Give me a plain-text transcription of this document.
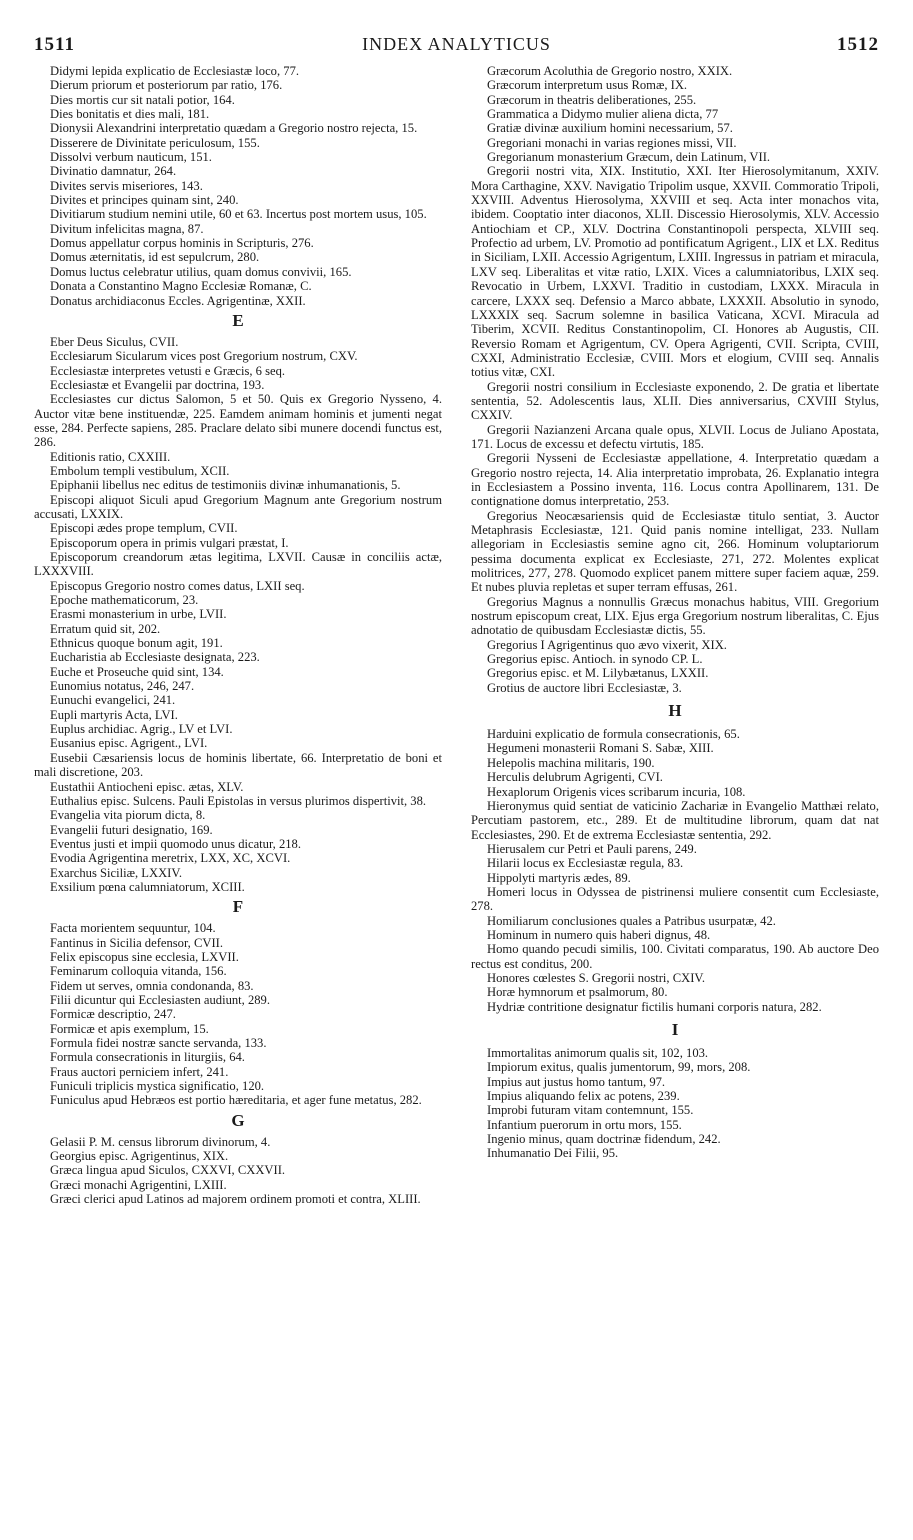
1511	INDEX ANALYTICUS	1512

Didymi lepida explicatio de Ecclesiastæ loco, 77.

Dierum priorum et posteriorum par ratio, 176.

Dies mortis cur sit natali potior, 164.

Dies bonitatis et dies mali, 181.

Dionysii Alexandrini interpretatio quædam a Gregorio nostro rejecta, 15.

Disserere de Divinitate periculosum, 155.

Dissolvi verbum nauticum, 151.

Divinatio damnatur, 264.

Divites servis miseriores, 143.

Divites et principes quinam sint, 240.

Divitiarum studium nemini utile, 60 et 63. Incertus post mortem usus, 105.

Divitum infelicitas magna, 87.

Domus appellatur corpus hominis in Scripturis, 276.

Domus æternitatis, id est sepulcrum, 280.

Domus luctus celebratur utilius, quam domus convivii, 165.

Donata a Constantino Magno Ecclesiæ Romanæ, C.

Donatus archidiaconus Eccles. Agrigentinæ, XXII.

E

Eber Deus Siculus, CVII.

Ecclesiarum Sicularum vices post Gregorium nostrum, CXV.

Ecclesiastæ interpretes vetusti e Græcis, 6 seq.

Ecclesiastæ et Evangelii par doctrina, 193.

Ecclesiastes cur dictus Salomon, 5 et 50. Quis ex Gregorio Nysseno, 4. Auctor vitæ bene instituendæ, 225. Eamdem animam hominis et jumenti negat esse, 284. Perfecte sapiens, 285. Praclare delato sibi munere docendi functus est, 286.

Editionis ratio, CXXIII.

Embolum templi vestibulum, XCII.

Epiphanii libellus nec editus de testimoniis divinæ inhumanationis, 5.

Episcopi aliquot Siculi apud Gregorium Magnum ante Gregorium nostrum accusati, LXXIX.

Episcopi ædes prope templum, CVII.

Episcoporum opera in primis vulgari præstat, I.

Episcoporum creandorum ætas legitima, LXVII. Causæ in conciliis actæ, LXXXVIII.

Episcopus Gregorio nostro comes datus, LXII seq.

Epoche mathematicorum, 23.

Erasmi monasterium in urbe, LVII.

Erratum quid sit, 202.

Ethnicus quoque bonum agit, 191.

Eucharistia ab Ecclesiaste designata, 223.

Euche et Proseuche quid sint, 134.

Eunomius notatus, 246, 247.

Eunuchi evangelici, 241.

Eupli martyris Acta, LVI.

Euplus archidiac. Agrig., LV et LVI.

Eusanius episc. Agrigent., LVI.

Eusebii Cæsariensis locus de hominis libertate, 66. Interpretatio de boni et mali discretione, 203.

Eustathii Antiocheni episc. ætas, XLV.

Euthalius episc. Sulcens. Pauli Epistolas in versus plurimos dispertivit, 38.

Evangelia vita piorum dicta, 8.

Evangelii futuri designatio, 169.

Eventus justi et impii quomodo unus dicatur, 218.

Evodia Agrigentina meretrix, LXX, XC, XCVI.

Exarchus Siciliæ, LXXIV.

Exsilium pœna calumniatorum, XCIII.

F

Facta morientem sequuntur, 104.

Fantinus in Sicilia defensor, CVII.

Felix episcopus sine ecclesia, LXVII.

Feminarum colloquia vitanda, 156.

Fidem ut serves, omnia condonanda, 83.

Filii dicuntur qui Ecclesiasten audiunt, 289.

Formicæ descriptio, 247.

Formicæ et apis exemplum, 15.

Formula fidei nostræ sancte servanda, 133.

Formula consecrationis in liturgiis, 64.

Fraus auctori perniciem infert, 241.

Funiculi triplicis mystica significatio, 120.

Funiculus apud Hebræos est portio hæreditaria, et ager fune metatus, 282.

G

Gelasii P. M. census librorum divinorum, 4.

Georgius episc. Agrigentinus, XIX.

Græca lingua apud Siculos, CXXVI, CXXVII.

Græci monachi Agrigentini, LXIII.

Græci clerici apud Latinos ad majorem ordinem promoti et contra, XLIII.

Græcorum Acoluthia de Gregorio nostro, XXIX.

Græcorum interpretum usus Romæ, IX.

Græcorum in theatris deliberationes, 255.

Grammatica a Didymo mulier aliena dicta, 77

Gratiæ divinæ auxilium homini necessarium, 57.

Gregoriani monachi in varias regiones missi, VII.

Gregorianum monasterium Græcum, dein Latinum, VII.

Gregorii nostri vita, XIX. Institutio, XXI. Iter Hierosolymitanum, XXIV. Mora Carthagine, XXV. Navigatio Tripolim usque, XXVII. Commoratio Tripoli, XXVIII. Adventus Hierosolyma, XXVIII et seq. Acta inter monachos vita, ibidem. Cooptatio inter diaconos, XLII. Discessio Hierosolymis, XLV. Accessio Antiochiam et CP., XLV. Doctrina Constantinopoli perspecta, XLVIII seq. Profectio ad urbem, LV. Promotio ad pontificatum Agrigent., LIX et LX. Reditus in Siciliam, LXII. Accessio Agrigentum, LXIII. Ingressus in patriam et miracula, LXV seq. Liberalitas et vitæ ratio, LXIX. Vices a calumniatoribus, LXIX seq. Revocatio in Urbem, LXXVI. Traditio in custodiam, LXXX. Miracula in carcere, LXXX seq. Defensio a Marco abbate, LXXXII. Absolutio in synodo, LXXXIX seq. Sacrum solemne in basilica Vaticana, XCVI. Miracula ad Tiberim, XCVII. Reditus Constantinopolim, CI. Honores ab Augustis, CII. Reversio Romam et Agrigentum, CV. Opera Agrigenti, CVII. Scripta, CVIII, CXXI, Administratio Ecclesiæ, CVIII. Mors et elogium, CVIII seq. Annalis totius vitæ, CXI.

Gregorii nostri consilium in Ecclesiaste exponendo, 2. De gratia et libertate sententia, 52. Adolescentis laus, XLII. Dies anniversarius, CXVIII Stylus, CXXIV.

Gregorii Nazianzeni Arcana quale opus, XLVII. Locus de Juliano Apostata, 171. Locus de excessu et defectu virtutis, 185.

Gregorii Nysseni de Ecclesiastæ appellatione, 4. Interpretatio quædam a Gregorio nostro rejecta, 14. Alia interpretatio improbata, 26. Explanatio integra in Ecclesiastem a Possino inventa, 116. Locus contra Apollinarem, 131. De contignatione domus interpretatio, 253.

Gregorius Neocæsariensis quid de Ecclesiastæ titulo sentiat, 3. Auctor Metaphrasis Ecclesiastæ, 121. Quid panis nomine intelligat, 233. Nullam allegoriam in Ecclesiastis semine agno cit, 266. Hominum voluptariorum pessima documenta explicat ex Ecclesiaste, 271, 272. Molentes explicat molitrices, 277, 278. Quomodo explicet panem mittere super faciem aquæ, 259. Et nubes pluvia repletas et super terram effusas, 261.

Gregorius Magnus a nonnullis Græcus monachus habitus, VIII. Gregorium nostrum episcopum creat, LIX. Ejus erga Gregorium nostrum liberalitas, C. Ejus adnotatio de quibusdam Ecclesiastæ dictis, 55.

Gregorius I Agrigentinus quo ævo vixerit, XIX.

Gregorius episc. Antioch. in synodo CP. L.

Gregorius episc. et M. Lilybætanus, LXXII.

Grotius de auctore libri Ecclesiastæ, 3.

H

Harduini explicatio de formula consecrationis, 65.

Hegumeni monasterii Romani S. Sabæ, XIII.

Helepolis machina militaris, 190.

Herculis delubrum Agrigenti, CVI.

Hexaplorum Origenis vices scribarum incuria, 108.

Hieronymus quid sentiat de vaticinio Zachariæ in Evangelio Matthæi relato, Percutiam pastorem, etc., 289. Et de multitudine librorum, quam dat nat Ecclesiastes, 290. Et de extrema Ecclesiastæ sententia, 292.

Hierusalem cur Petri et Pauli parens, 249.

Hilarii locus ex Ecclesiastæ regula, 83.

Hippolyti martyris ædes, 89.

Homeri locus in Odyssea de pistrinensi muliere consentit cum Ecclesiaste, 278.

Homiliarum conclusiones quales a Patribus usurpatæ, 42.

Hominum in numero quis haberi dignus, 48.

Homo quando pecudi similis, 100. Civitati comparatus, 190. Ab auctore Deo rectus est conditus, 200.

Honores cœlestes S. Gregorii nostri, CXIV.

Horæ hymnorum et psalmorum, 80.

Hydriæ contritione designatur fictilis humani corporis natura, 282.

I

Immortalitas animorum qualis sit, 102, 103.

Impiorum exitus, qualis jumentorum, 99, mors, 208.

Impius aut justus homo tantum, 97.

Impius aliquando felix ac potens, 239.

Improbi futuram vitam contemnunt, 155.

Infantium puerorum in ortu mors, 155.

Ingenio minus, quam doctrinæ fidendum, 242.

Inhumanatio Dei Filii, 95.
